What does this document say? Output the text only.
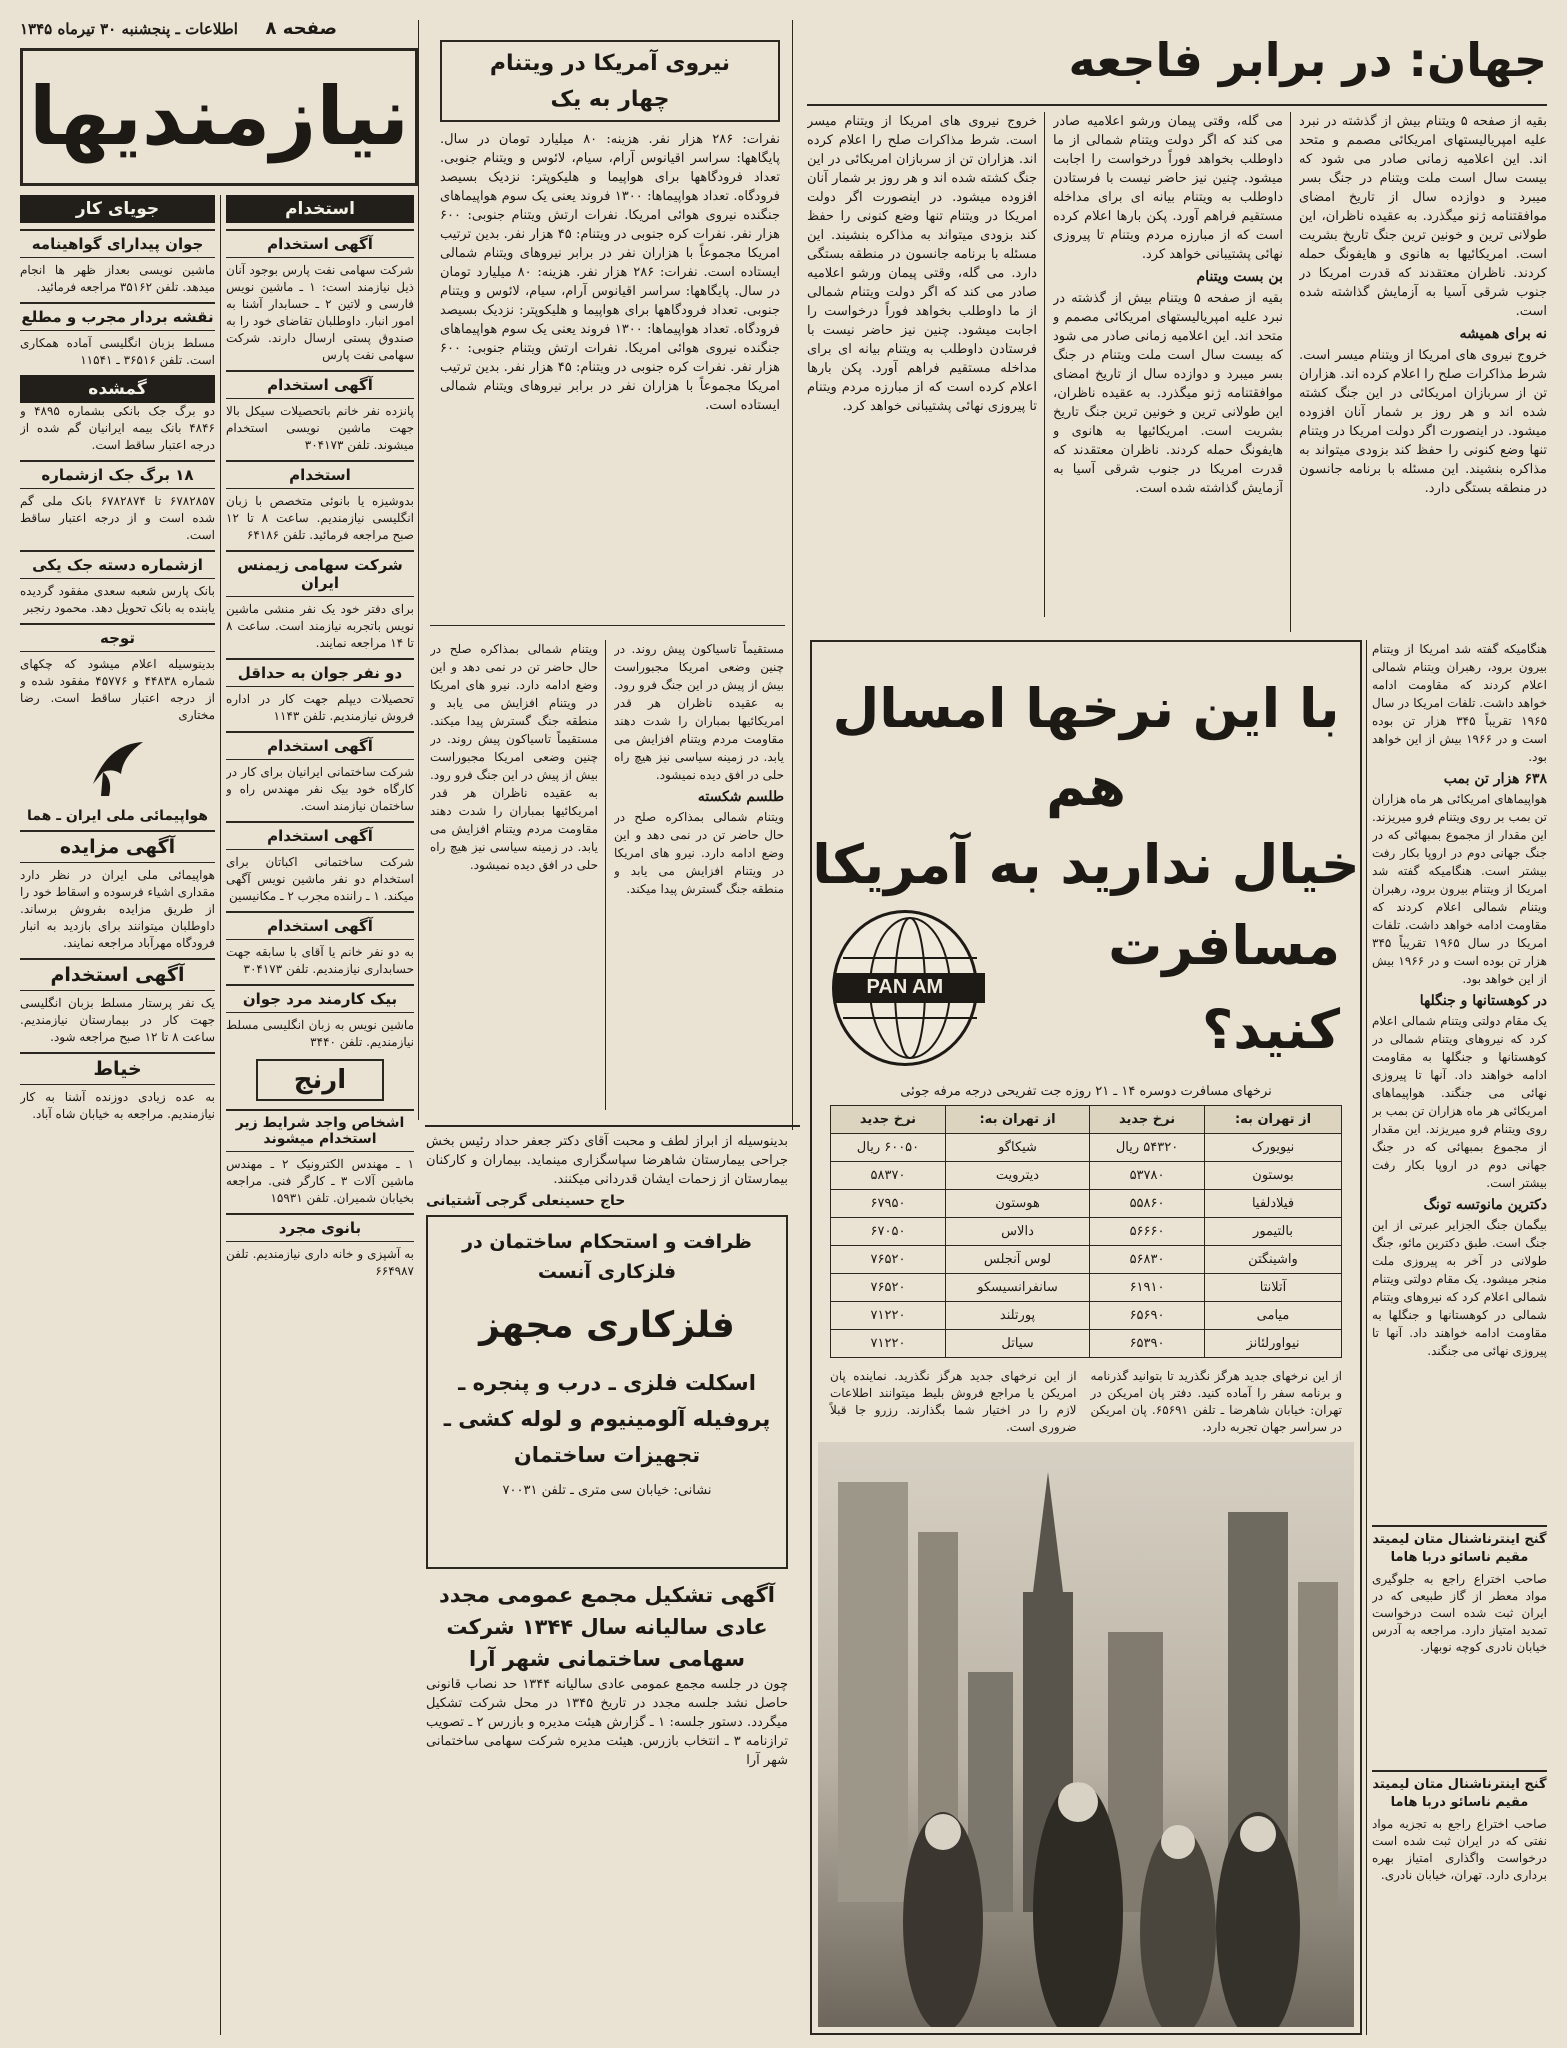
صفحه ۸
اطلاعات ـ پنجشنبه ۳۰ تیرماه ۱۳۴۵
نیازمندیها
جهان: در برابر فاجعه
بقیه از صفحه ۵ ویتنام بیش از گذشته در نبرد علیه امپریالیستهای امریکائی مصمم و متحد اند. این اعلامیه زمانی صادر می شود که بیست سال است ملت ویتنام در جنگ بسر میبرد و دوازده سال از تاریخ امضای موافقتنامه ژنو میگذرد. به عقیده ناظران، این طولانی ترین و خونین ترین جنگ تاریخ بشریت است. امریکائیها به هانوی و هایفونگ حمله کردند. ناظران معتقدند که قدرت امریکا در جنوب شرقی آسیا به آزمایش گذاشته شده است.
نه برای همیشه
خروج نیروی های امریکا از ویتنام میسر است. شرط مذاکرات صلح را اعلام کرده اند. هزاران تن از سربازان امریکائی در این جنگ کشته شده اند و هر روز بر شمار آنان افزوده میشود. در اینصورت اگر دولت امریکا در ویتنام تنها وضع کنونی را حفظ کند بزودی میتواند به مذاکره بنشیند. این مسئله با برنامه جانسون در منطقه بستگی دارد.
می گله، وقتی پیمان ورشو اعلامیه صادر می کند که اگر دولت ویتنام شمالی از ما داوطلب بخواهد فوراً درخواست را اجابت میشود. چنین نیز حاضر نیست با فرستادن داوطلب به ویتنام بیانه ای برای مداخله مستقیم فراهم آورد. پکن بارها اعلام کرده است که از مبارزه مردم ویتنام تا پیروزی نهائی پشتیبانی خواهد کرد.
بن بست ویتنام
بقیه از صفحه ۵ ویتنام بیش از گذشته در نبرد علیه امپریالیستهای امریکائی مصمم و متحد اند. این اعلامیه زمانی صادر می شود که بیست سال است ملت ویتنام در جنگ بسر میبرد و دوازده سال از تاریخ امضای موافقتنامه ژنو میگذرد. به عقیده ناظران، این طولانی ترین و خونین ترین جنگ تاریخ بشریت است. امریکائیها به هانوی و هایفونگ حمله کردند. ناظران معتقدند که قدرت امریکا در جنوب شرقی آسیا به آزمایش گذاشته شده است.
خروج نیروی های امریکا از ویتنام میسر است. شرط مذاکرات صلح را اعلام کرده اند. هزاران تن از سربازان امریکائی در این جنگ کشته شده اند و هر روز بر شمار آنان افزوده میشود. در اینصورت اگر دولت امریکا در ویتنام تنها وضع کنونی را حفظ کند بزودی میتواند به مذاکره بنشیند. این مسئله با برنامه جانسون در منطقه بستگی دارد. می گله، وقتی پیمان ورشو اعلامیه صادر می کند که اگر دولت ویتنام شمالی از ما داوطلب بخواهد فوراً درخواست را اجابت میشود. چنین نیز حاضر نیست با فرستادن داوطلب به ویتنام بیانه ای برای مداخله مستقیم فراهم آورد. پکن بارها اعلام کرده است که از مبارزه مردم ویتنام تا پیروزی نهائی پشتیبانی خواهد کرد.
نیروی آمریکا در ویتنام
چهار به یک
نفرات: ۲۸۶ هزار نفر. هزینه: ۸۰ میلیارد تومان در سال. پایگاهها: سراسر اقیانوس آرام، سیام، لائوس و ویتنام جنوبی. تعداد فرودگاهها برای هواپیما و هلیکوپتر: نزدیک بسیصد فرودگاه. تعداد هواپیماها: ۱۳۰۰ فروند یعنی یک سوم هواپیماهای جنگنده نیروی هوائی امریکا. نفرات ارتش ویتنام جنوبی: ۶۰۰ هزار نفر. نفرات کره جنوبی در ویتنام: ۴۵ هزار نفر. بدین ترتیب امریکا مجموعاً با هزاران نفر در برابر نیروهای ویتنام شمالی ایستاده است. نفرات: ۲۸۶ هزار نفر. هزینه: ۸۰ میلیارد تومان در سال. پایگاهها: سراسر اقیانوس آرام، سیام، لائوس و ویتنام جنوبی. تعداد فرودگاهها برای هواپیما و هلیکوپتر: نزدیک بسیصد فرودگاه. تعداد هواپیماها: ۱۳۰۰ فروند یعنی یک سوم هواپیماهای جنگنده نیروی هوائی امریکا. نفرات ارتش ویتنام جنوبی: ۶۰۰ هزار نفر. نفرات کره جنوبی در ویتنام: ۴۵ هزار نفر. بدین ترتیب امریکا مجموعاً با هزاران نفر در برابر نیروهای ویتنام شمالی ایستاده است.
مستقیماً تاسیاکون پیش روند. در چنین وضعی امریکا مجبوراست بیش از پیش در این جنگ فرو رود. به عقیده ناظران هر قدر امریکائیها بمباران را شدت دهند مقاومت مردم ویتنام افزایش می یابد. در زمینه سیاسی نیز هیچ راه حلی در افق دیده نمیشود.
طلسم شکسته
ویتنام شمالی بمذاکره صلح در حال حاضر تن در نمی دهد و این وضع ادامه دارد. نیرو های امریکا در ویتنام افزایش می یابد و منطقه جنگ گسترش پیدا میکند.
ویتنام شمالی بمذاکره صلح در حال حاضر تن در نمی دهد و این وضع ادامه دارد. نیرو های امریکا در ویتنام افزایش می یابد و منطقه جنگ گسترش پیدا میکند. مستقیماً تاسیاکون پیش روند. در چنین وضعی امریکا مجبوراست بیش از پیش در این جنگ فرو رود. به عقیده ناظران هر قدر امریکائیها بمباران را شدت دهند مقاومت مردم ویتنام افزایش می یابد. در زمینه سیاسی نیز هیچ راه حلی در افق دیده نمیشود.
با این نرخها امسال هم
خیال ندارید به آمریکا
مسافرت کنید؟
PAN AM
نرخهای مسافرت دوسره ۱۴ ـ ۲۱ روزه جت تفریحی درجه مرفه جوئی
از تهران به:	نرخ جدید	از تهران به:	نرخ جدید
نیویورک	۵۴۳۲۰ ریال	شیکاگو	۶۰۰۵۰ ریال
بوستون	۵۳۷۸۰	دیترویت	۵۸۳۷۰
فیلادلفیا	۵۵۸۶۰	هوستون	۶۷۹۵۰
بالتیمور	۵۶۶۶۰	دالاس	۶۷۰۵۰
واشینگتن	۵۶۸۳۰	لوس آنجلس	۷۶۵۲۰
آتلانتا	۶۱۹۱۰	سانفرانسیسکو	۷۶۵۲۰
میامی	۶۵۶۹۰	پورتلند	۷۱۲۲۰
نیواورلئانز	۶۵۳۹۰	سیاتل	۷۱۲۲۰
از این نرخهای جدید هرگز نگذرید تا بتوانید گذرنامه و برنامه سفر را آماده کنید. دفتر پان امریکن در تهران: خیابان شاهرضا ـ تلفن ۶۵۶۹۱. پان امریکن در سراسر جهان تجربه دارد.
از این نرخهای جدید هرگز نگذرید. نماینده پان امریکن یا مراجع فروش بلیط میتوانند اطلاعات لازم را در اختیار شما بگذارند. رزرو جا قبلاً ضروری است.
هنگامیکه گفته شد امریکا از ویتنام بیرون برود، رهبران ویتنام شمالی اعلام کردند که مقاومت ادامه خواهد داشت. تلفات امریکا در سال ۱۹۶۵ تقریباً ۳۴۵ هزار تن بوده است و در ۱۹۶۶ بیش از این خواهد بود.
۶۳۸ هزار تن بمب
هواپیماهای امریکائی هر ماه هزاران تن بمب بر روی ویتنام فرو میریزند. این مقدار از مجموع بمبهائی که در جنگ جهانی دوم در اروپا بکار رفت بیشتر است. هنگامیکه گفته شد امریکا از ویتنام بیرون برود، رهبران ویتنام شمالی اعلام کردند که مقاومت ادامه خواهد داشت. تلفات امریکا در سال ۱۹۶۵ تقریباً ۳۴۵ هزار تن بوده است و در ۱۹۶۶ بیش از این خواهد بود.
در کوهستانها و جنگلها
یک مقام دولتی ویتنام شمالی اعلام کرد که نیروهای ویتنام شمالی در کوهستانها و جنگلها به مقاومت ادامه خواهند داد. آنها تا پیروزی نهائی می جنگند. هواپیماهای امریکائی هر ماه هزاران تن بمب بر روی ویتنام فرو میریزند. این مقدار از مجموع بمبهائی که در جنگ جهانی دوم در اروپا بکار رفت بیشتر است.
دکترین مانوتسه تونگ
بیگمان جنگ الجزایر عبرتی از این جنگ است. طبق دکترین مائو، جنگ طولانی در آخر به پیروزی ملت منجر میشود. یک مقام دولتی ویتنام شمالی اعلام کرد که نیروهای ویتنام شمالی در کوهستانها و جنگلها به مقاومت ادامه خواهند داد. آنها تا پیروزی نهائی می جنگند.
گنج اینترناشنال متان لیمیتد مقیم ناسائو دربا هاما
صاحب اختراع راجع به جلوگیری مواد معطر از گاز طبیعی که در ایران ثبت شده است درخواست تمدید امتیاز دارد. مراجعه به آدرس خیابان نادری کوچه نوبهار.
گنج اینترناشنال متان لیمیتد مقیم ناسائو دربا هاما
صاحب اختراع راجع به تجزیه مواد نفتی که در ایران ثبت شده است درخواست واگذاری امتیاز بهره برداری دارد. تهران، خیابان نادری.
جویای کار
جوان پیدارای گواهینامه
ماشین نویسی بعداز ظهر ها انجام میدهد. تلفن ۳۵۱۶۲ مراجعه فرمائید.
نقشه بردار مجرب و مطلع
مسلط بزبان انگلیسی آماده همکاری است. تلفن ۳۶۵۱۶ ـ ۱۱۵۴۱
گمشده
دو برگ جک بانکی بشماره ۴۸۹۵ و ۴۸۴۶ بانک بیمه ایرانیان گم شده از درجه اعتبار ساقط است.
۱۸ برگ جک ازشماره
۶۷۸۲۸۵۷ تا ۶۷۸۲۸۷۴ بانک ملی گم شده است و از درجه اعتبار ساقط است.
ازشماره دسته جک یکی
بانک پارس شعبه سعدی مفقود گردیده یابنده به بانک تحویل دهد. محمود رنجبر
توجه
بدینوسیله اعلام میشود که چکهای شماره ۴۴۸۳۸ و ۴۵۷۷۶ مفقود شده و از درجه اعتبار ساقط است. رضا مختاری
هواپیمائی ملی ایران ـ هما
آگهی مزایده
هواپیمائی ملی ایران در نظر دارد مقداری اشیاء فرسوده و اسقاط خود را از طریق مزایده بفروش برساند. داوطلبان میتوانند برای بازدید به انبار فرودگاه مهرآباد مراجعه نمایند.
آگهی استخدام
یک نفر پرستار مسلط بزبان انگلیسی جهت کار در بیمارستان نیازمندیم. ساعت ۸ تا ۱۲ صبح مراجعه شود.
خیاط
به عده زیادی دوزنده آشنا به کار نیازمندیم. مراجعه به خیابان شاه آباد.
استخدام
آگهی استخدام
شرکت سهامی نفت پارس بوجود آنان ذیل نیازمند است: ۱ ـ ماشین نویس فارسی و لاتین ۲ ـ حسابدار آشنا به امور انبار. داوطلبان تقاضای خود را به صندوق پستی ارسال دارند. شرکت سهامی نفت پارس
آگهی استخدام
پانزده نفر خانم باتحصیلات سیکل بالا جهت ماشین نویسی استخدام میشوند. تلفن ۳۰۴۱۷۳
استخدام
بدوشیزه یا بانوئی متخصص با زبان انگلیسی نیازمندیم. ساعت ۸ تا ۱۲ صبح مراجعه فرمائید. تلفن ۶۴۱۸۶
شرکت سهامی زیمنس ایران
برای دفتر خود یک نفر منشی ماشین نویس باتجربه نیازمند است. ساعت ۸ تا ۱۴ مراجعه نمایند.
دو نفر جوان به حداقل
تحصیلات دیپلم جهت کار در اداره فروش نیازمندیم. تلفن ۱۱۴۳
آگهی استخدام
شرکت ساختمانی ایرانیان برای کار در کارگاه خود بیک نفر مهندس راه و ساختمان نیازمند است.
آگهی استخدام
شرکت ساختمانی اکباتان برای استخدام دو نفر ماشین نویس آگهی میکند. ۱ ـ راننده مجرب ۲ ـ مکانیسین
آگهی استخدام
به دو نفر خانم یا آقای با سابقه جهت حسابداری نیازمندیم. تلفن ۳۰۴۱۷۳
بیک کارمند مرد جوان
ماشین نویس به زبان انگلیسی مسلط نیازمندیم. تلفن ۳۴۴۰
ارنج
اشخاص واجد شرایط زیر استخدام میشوند
۱ ـ مهندس الکترونیک ۲ ـ مهندس ماشین آلات ۳ ـ کارگر فنی. مراجعه بخیابان شمیران. تلفن ۱۵۹۳۱
بانوی مجرد
به آشپزی و خانه داری نیازمندیم. تلفن ۶۶۴۹۸۷
بدینوسیله از ابراز لطف و محبت آقای دکتر جعفر حداد رئیس بخش جراحی بیمارستان شاهرضا سپاسگزاری مینماید. بیماران و کارکنان بیمارستان از زحمات ایشان قدردانی میکنند.
حاج حسینعلی گرجی آشتیانی
ظرافت و استحکام ساختمان در فلزکاری آنست
فلزکاری مجهز
اسکلت فلزی ـ درب و پنجره ـ پروفیله آلومینیوم و لوله کشی ـ تجهیزات ساختمان
نشانی: خیابان سی متری ـ تلفن ۷۰۰۳۱
آگهی تشکیل مجمع عمومی مجدد عادی سالیانه سال ۱۳۴۴ شرکت سهامی ساختمانی شهر آرا
چون در جلسه مجمع عمومی عادی سالیانه ۱۳۴۴ حد نصاب قانونی حاصل نشد جلسه مجدد در تاریخ ۱۳۴۵ در محل شرکت تشکیل میگردد. دستور جلسه: ۱ ـ گزارش هیئت مدیره و بازرس ۲ ـ تصویب ترازنامه ۳ ـ انتخاب بازرس. هیئت مدیره شرکت سهامی ساختمانی شهر آرا
